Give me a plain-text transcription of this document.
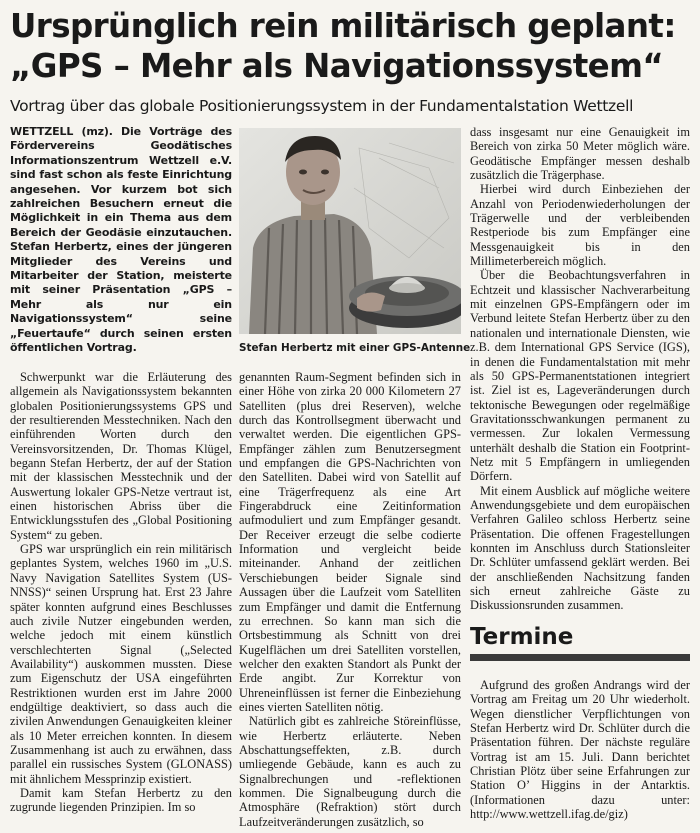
Ursprünglich rein militärisch geplant:
„GPS – Mehr als Navigationssystem“
Vortrag über das globale Positionierungssystem in der Fundamentalstation Wettzell
WETTZELL (mz). Die Vorträge des Fördervereins Geodätisches Informationszentrum Wettzell e.V. sind fast schon als feste Einrichtung angesehen. Vor kurzem bot sich zahlreichen Besuchern erneut die Möglichkeit in ein Thema aus dem Bereich der Geodäsie einzutauchen. Stefan Herbertz, eines der jüngeren Mitglieder des Vereins und Mitarbeiter der Station, meisterte mit seiner Präsentation „GPS – Mehr als nur ein Navigationssystem“ seine „Feuertaufe“ durch seinen ersten öffentlichen Vortrag.	Stefan Herbertz mit einer GPS-Antenne

Schwerpunkt war die Erläuterung des allgemein als Navigationssystem bekannten globalen Positionierungssystems GPS und der resultierenden Messtechniken. Nach den einführenden Worten durch den Vereinsvorsitzenden, Dr. Thomas Klügel, begann Stefan Herbertz, der auf der Station mit der klassischen Messtechnik und der Auswertung lokaler GPS-Netze vertraut ist, einen historischen Abriss über die Entwicklungsstufen des „Global Positioning System“ zu geben.

GPS war ursprünglich ein rein militärisch geplantes System, welches 1960 im „U.S. Navy Navigation Satellites System (US-NNSS)“ seinen Ursprung hat. Erst 23 Jahre später konnten aufgrund eines Beschlusses auch zivile Nutzer eingebunden werden, welche jedoch mit einem künstlich verschlechterten Signal („Selected Availability“) auskommen mussten. Diese zum Eigenschutz der USA eingeführten Restriktionen wurden erst im Jahre 2000 endgültige deaktiviert, so dass auch die zivilen Anwendungen Genauigkeiten kleiner als 10 Meter erreichen konnten. In diesem Zusammenhang ist auch zu erwähnen, dass parallel ein russisches System (GLONASS) mit ähnlichem Messprinzip existiert.

Damit kam Stefan Herbertz zu den zugrunde liegenden Prinzipien. Im so

genannten Raum-Segment befinden sich in einer Höhe von zirka 20 000 Kilometern 27 Satelliten (plus drei Reserven), welche durch das Kontrollsegment überwacht und verwaltet werden. Die eigentlichen GPS-Empfänger zählen zum Benutzersegment und empfangen die GPS-Nachrichten von den Satelliten. Dabei wird von Satellit auf eine Trägerfrequenz als eine Art Fingerabdruck eine Zeitinformation aufmoduliert und zum Empfänger gesandt. Der Receiver erzeugt die selbe codierte Information und vergleicht beide miteinander. Anhand der zeitlichen Verschiebungen beider Signale sind Aussagen über die Laufzeit vom Satelliten zum Empfänger und damit die Entfernung zu errechnen. So kann man sich die Ortsbestimmung als Schnitt von drei Kugelflächen um drei Satelliten vorstellen, welcher den exakten Standort als Punkt der Erde angibt. Zur Korrektur von Uhreneinflüssen ist ferner die Einbeziehung eines vierten Satelliten nötig.

Natürlich gibt es zahlreiche Störeinflüsse, wie Herbertz erläuterte. Neben Abschattungseffekten, z.B. durch umliegende Gebäude, kann es auch zu Signalbrechungen und -reflektionen kommen. Die Signalbeugung durch die Atmosphäre (Refraktion) stört durch Laufzeitveränderungen zusätzlich, so

dass insgesamt nur eine Genauigkeit im Bereich von zirka 50 Meter möglich wäre. Geodätische Empfänger messen deshalb zusätzlich die Trägerphase.

Hierbei wird durch Einbeziehen der Anzahl von Periodenwiederholungen der Trägerwelle und der verbleibenden Restperiode bis zum Empfänger eine Messgenauigkeit bis in den Millimeterbereich möglich.

Über die Beobachtungsverfahren in Echtzeit und klassischer Nachverarbeitung mit einzelnen GPS-Empfängern oder im Verbund leitete Stefan Herbertz über zu den nationalen und internationale Diensten, wie z.B. dem International GPS Service (IGS), in denen die Fundamentalstation mit mehr als 50 GPS-Permanentstationen integriert ist. Ziel ist es, Lageveränderungen durch tektonische Bewegungen oder regelmäßige Gravitationsschwankungen permanent zu vermessen. Zur lokalen Vermessung unterhält deshalb die Station ein Footprint-Netz mit 5 Empfängern in umliegenden Dörfern.

Mit einem Ausblick auf mögliche weitere Anwendungsgebiete und dem europäischen Verfahren Galileo schloss Herbertz seine Präsentation. Die offenen Fragestellungen konnten im Anschluss durch Stationsleiter Dr. Schlüter umfassend geklärt werden. Bei der anschließenden Nachsitzung fanden sich erneut zahlreiche Gäste zu Diskussionsrunden zusammen.

Termine

Aufgrund des großen Andrangs wird der Vortrag am Freitag um 20 Uhr wiederholt. Wegen dienstlicher Verpflichtungen von Stefan Herbertz wird Dr. Schlüter durch die Präsentation führen. Der nächste reguläre Vortrag ist am 15. Juli. Dann berichtet Christian Plötz über seine Erfahrungen zur Station O’ Higgins in der Antarktis. (Informationen dazu unter: http://www.wettzell.ifag.de/giz)
